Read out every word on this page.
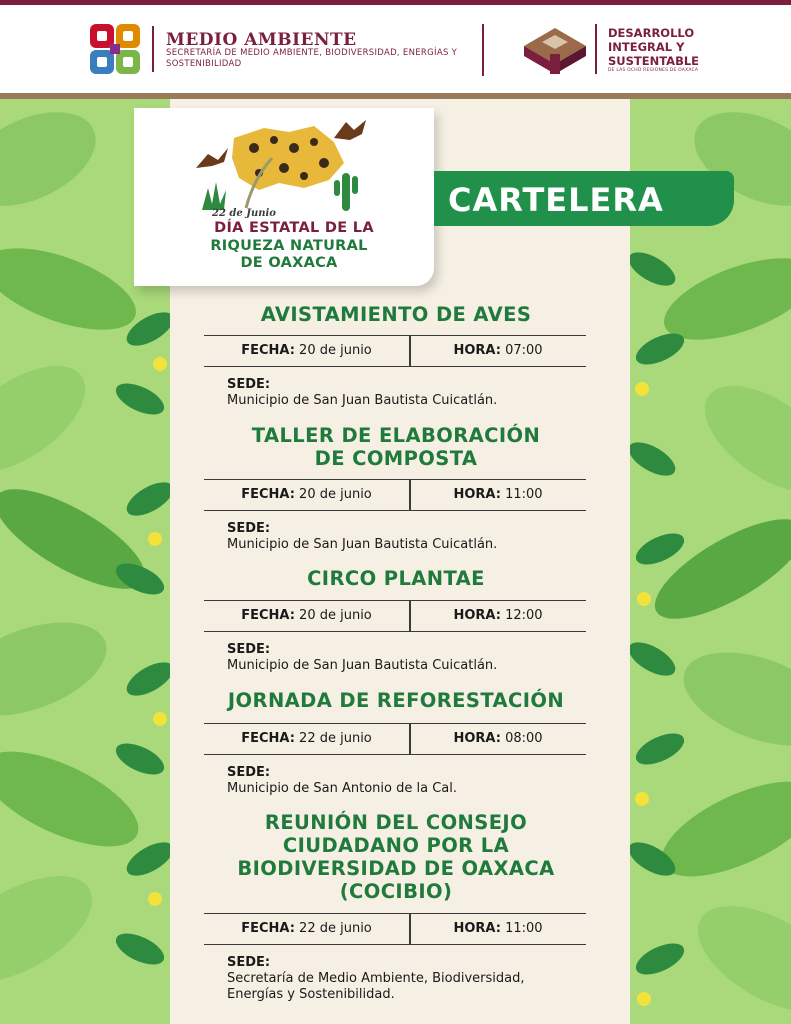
MEDIO AMBIENTE
SECRETARÍA DE MEDIO AMBIENTE, BIODIVERSIDAD, ENERGÍAS Y SOSTENIBILIDAD
DESARROLLO
INTEGRAL Y
SUSTENTABLE
DE LAS OCHO REGIONES DE OAXACA
22 de Junio
DÍA ESTATAL DE LA
RIQUEZA NATURAL
DE OAXACA
CARTELERA
AVISTAMIENTO DE AVES
FECHA: 20 de junio	HORA: 07:00
SEDE:
Municipio de San Juan Bautista Cuicatlán.
TALLER DE ELABORACIÓN
DE COMPOSTA
FECHA: 20 de junio	HORA: 11:00
SEDE:
Municipio de San Juan Bautista Cuicatlán.
CIRCO PLANTAE
FECHA: 20 de junio	HORA: 12:00
SEDE:
Municipio de San Juan Bautista Cuicatlán.
JORNADA DE REFORESTACIÓN
FECHA: 22 de junio	HORA: 08:00
SEDE:
Municipio de San Antonio de la Cal.
REUNIÓN DEL CONSEJO
CIUDADANO POR LA
BIODIVERSIDAD DE OAXACA
(COCIBIO)
FECHA: 22 de junio	HORA: 11:00
SEDE:
Secretaría de Medio Ambiente, Biodiversidad,
Energías y Sostenibilidad.
